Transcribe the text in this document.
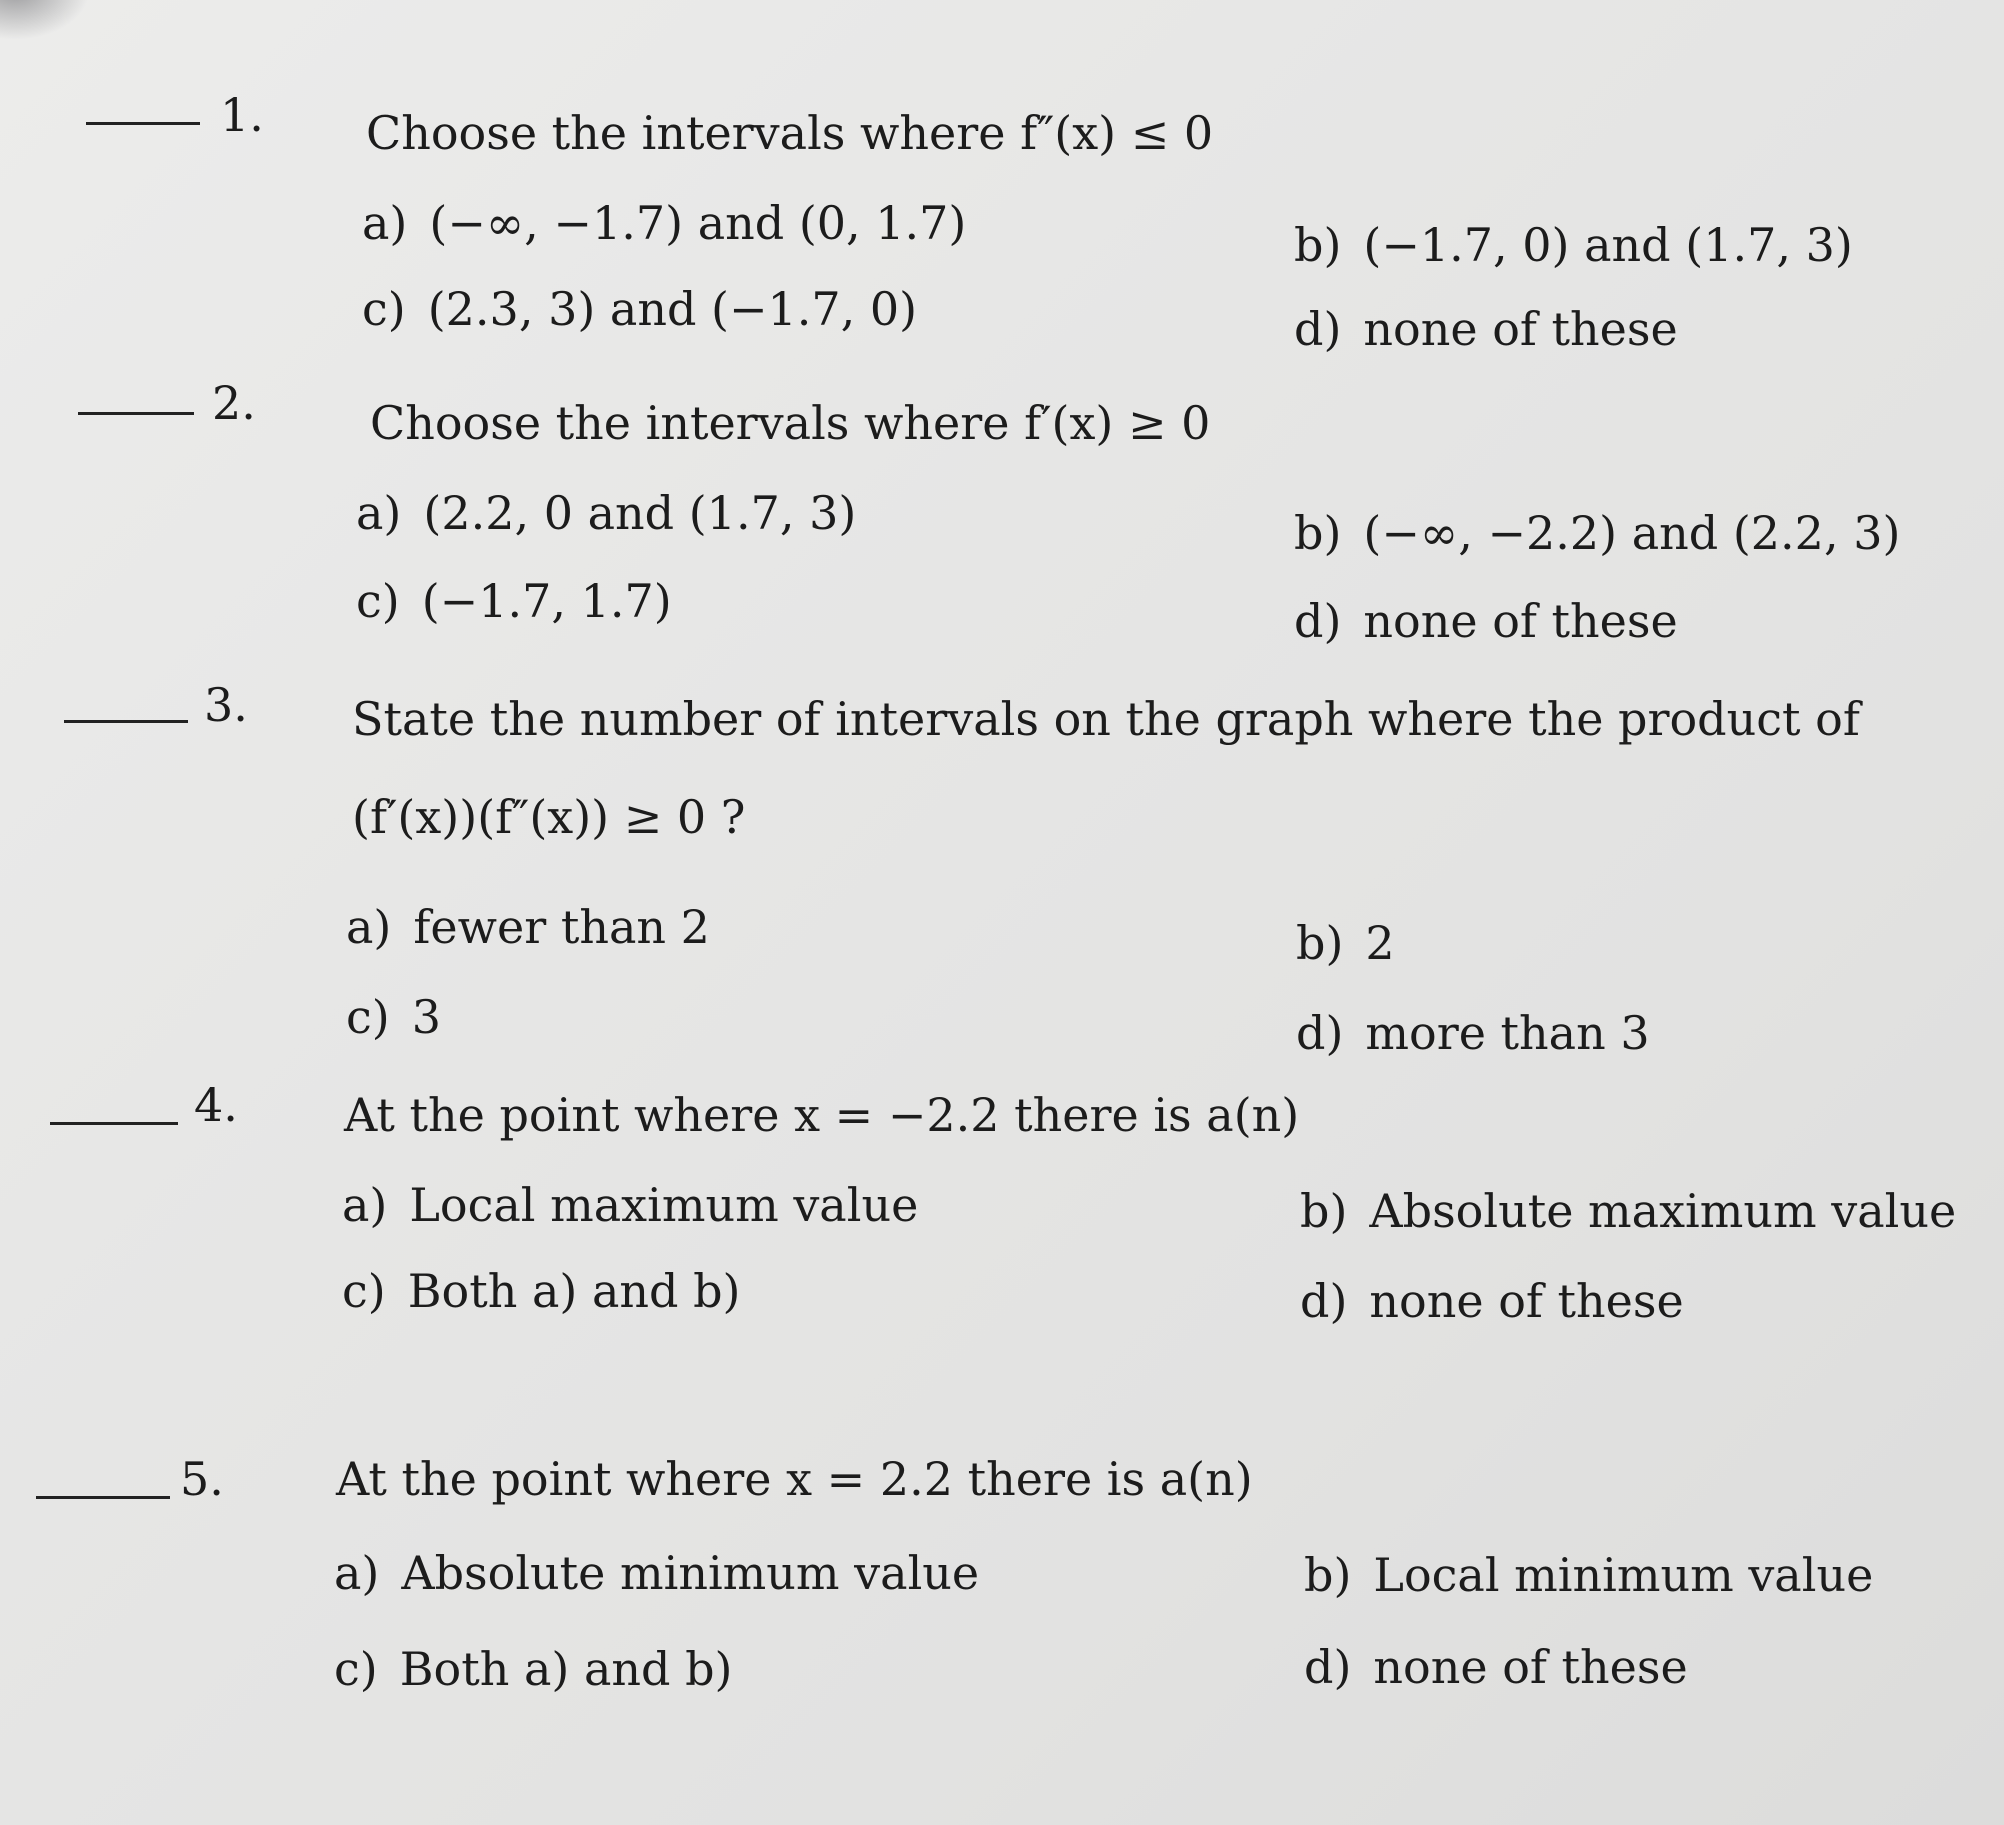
1. Choose the intervals where f″(x) ≤ 0
a) (−∞, −1.7) and (0, 1.7)	b) (−1.7, 0) and (1.7, 3)
c) (2.3, 3) and (−1.7, 0)	d) none of these
2. Choose the intervals where f′(x) ≥ 0
a) (2.2, 0 and (1.7, 3)	b) (−∞, −2.2) and (2.2, 3)
c) (−1.7, 1.7)	d) none of these
3. State the number of intervals on the graph where the product of
(f′(x))(f″(x)) ≥ 0 ?
a) fewer than 2	b) 2
c) 3	d) more than 3
4. At the point where x = −2.2 there is a(n)
a) Local maximum value	b) Absolute maximum value
c) Both a) and b)	d) none of these
5. At the point where x = 2.2 there is a(n)
a) Absolute minimum value	b) Local minimum value
c) Both a) and b)	d) none of these
